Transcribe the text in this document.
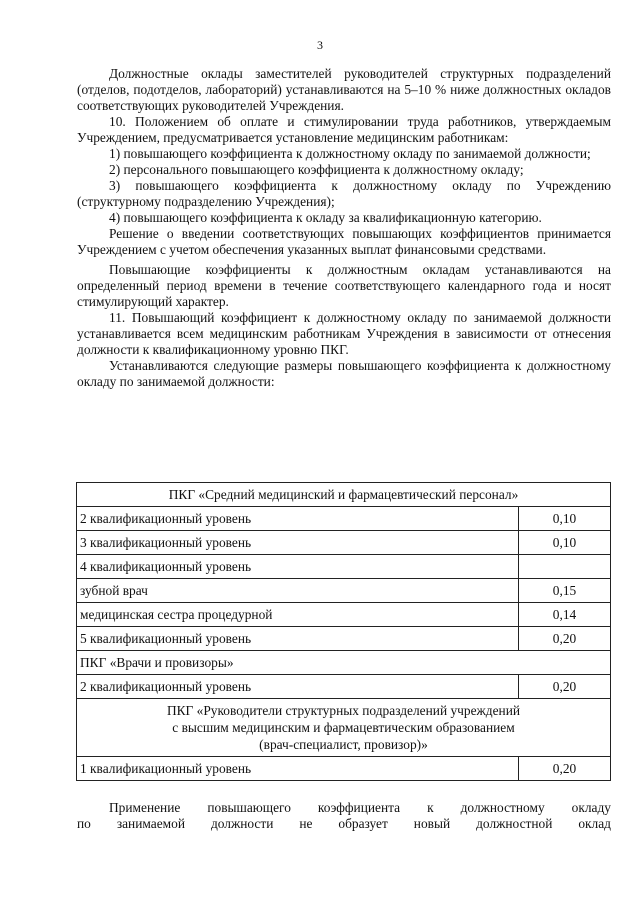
3

Должностные оклады заместителей руководителей структурных подразделений (отделов, подотделов, лабораторий) устанавливаются на 5–10 % ниже должностных окладов соответствующих руководителей Учреждения.

10. Положением об оплате и стимулировании труда работников, утверждаемым Учреждением, предусматривается установление медицинским работникам:

1) повышающего коэффициента к должностному окладу по занимаемой должности;

2) персонального повышающего коэффициента к должностному окладу;

3) повышающего коэффициента к должностному окладу по Учреждению (структурному подразделению Учреждения);

4) повышающего коэффициента к окладу за квалификационную категорию.

Решение о введении соответствующих повышающих коэффициентов принимается Учреждением с учетом обеспечения указанных выплат финансовыми средствами.

Повышающие коэффициенты к должностным окладам устанавливаются на определенный период времени в течение соответствующего календарного года и носят стимулирующий характер.

11. Повышающий коэффициент к должностному окладу по занимаемой должности устанавливается всем медицинским работникам Учреждения в зависимости от отнесения должности к квалификационному уровню ПКГ.

Устанавливаются следующие размеры повышающего коэффициента к должностному окладу по занимаемой должности:

ПКГ «Средний медицинский и фармацевтический персонал»	
2 квалификационный уровень	0,10
3 квалификационный уровень	0,10
4 квалификационный уровень	
зубной врач	0,15
медицинская сестра процедурной	0,14
5 квалификационный уровень	0,20
ПКГ «Врачи и провизоры»	
2 квалификационный уровень	0,20

ПКГ «Руководители структурных подразделений учреждений
с высшим медицинским и фармацевтическим образованием
(врач-специалист, провизор)»	

1 квалификационный уровень	0,20

Применение повышающего коэффициента к должностному окладу

по занимаемой должности не образует новый должностной оклад
